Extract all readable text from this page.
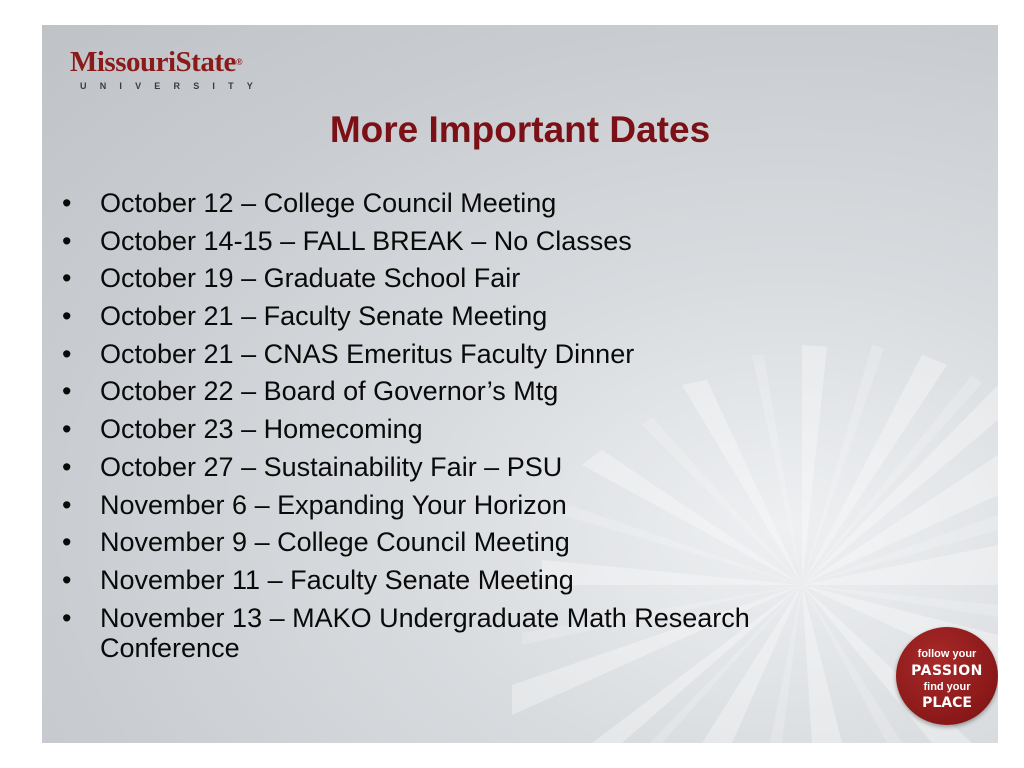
MissouriState®
UNIVERSITY
More Important Dates
• October 12 – College Council Meeting
• October 14-15 – FALL BREAK – No Classes
• October 19 – Graduate School Fair
• October 21 – Faculty Senate Meeting
• October 21 – CNAS Emeritus Faculty Dinner
• October 22 – Board of Governor’s Mtg
• October 23 – Homecoming
• October 27 – Sustainability Fair – PSU
• November 6 – Expanding Your Horizon
• November 9 – College Council Meeting
• November 11 – Faculty Senate Meeting
• November 13 – MAKO Undergraduate Math Research Conference	follow your
PASSION
find your
PLACE
